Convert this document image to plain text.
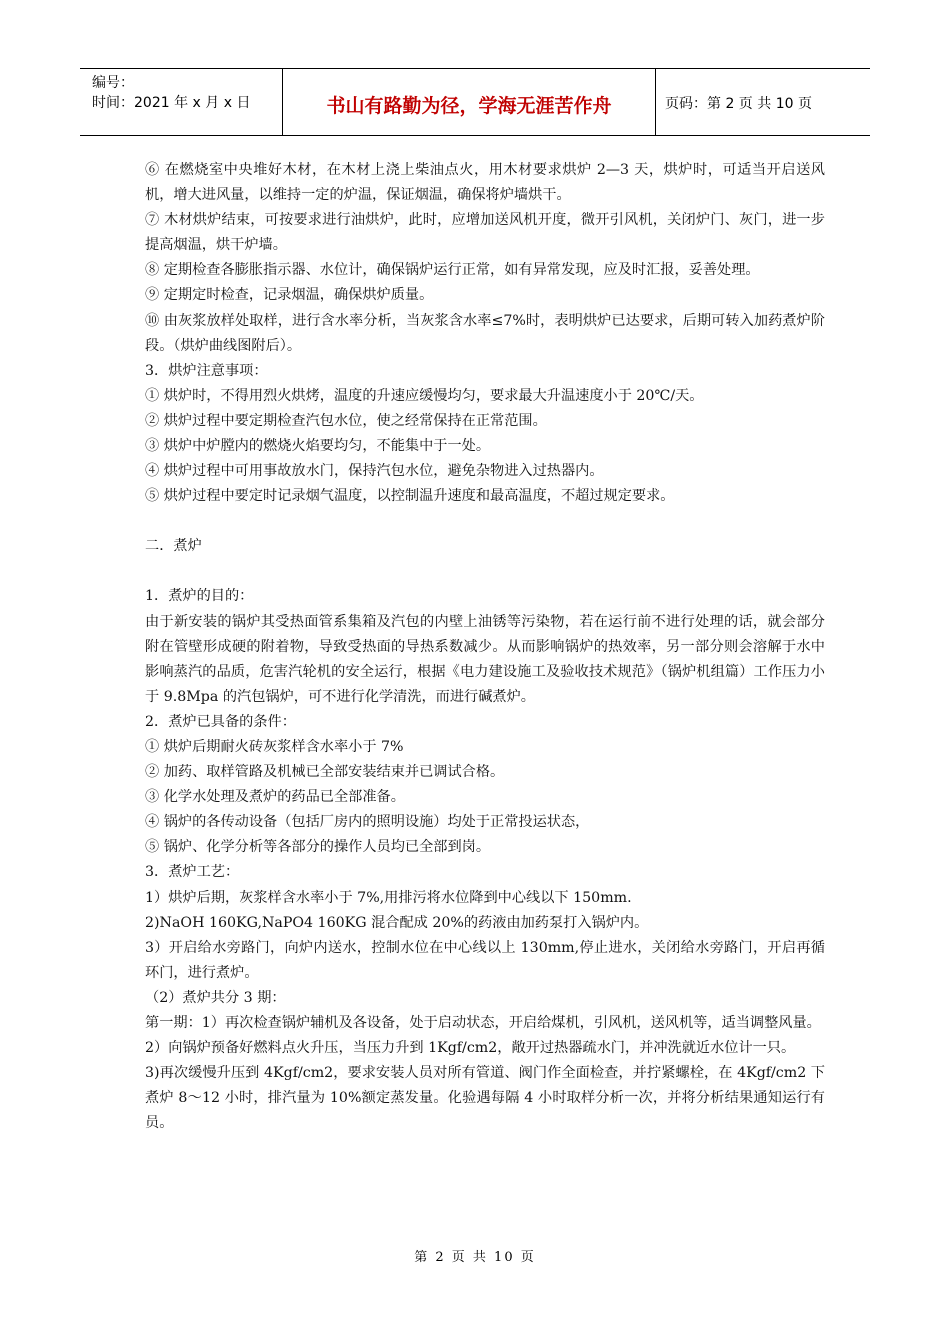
编号：
时间：2021 年 x 月 x 日	书山有路勤为径，学海无涯苦作舟	页码：第 2 页 共 10 页

⑥ 在燃烧室中央堆好木材，在木材上浇上柴油点火，用木材要求烘炉 2—3 天，烘炉时，可适当开启送风机，增大进风量，以维持一定的炉温，保证烟温，确保将炉墙烘干。

⑦ 木材烘炉结束，可按要求进行油烘炉，此时，应增加送风机开度，微开引风机，关闭炉门、灰门，进一步提高烟温，烘干炉墙。

⑧ 定期检查各膨胀指示器、水位计，确保锅炉运行正常，如有异常发现，应及时汇报，妥善处理。

⑨ 定期定时检查，记录烟温，确保烘炉质量。

⑩ 由灰浆放样处取样，进行含水率分析，当灰浆含水率≤7%时，表明烘炉已达要求，后期可转入加药煮炉阶段。（烘炉曲线图附后）。

3．烘炉注意事项：

① 烘炉时，不得用烈火烘烤，温度的升速应缓慢均匀，要求最大升温速度小于 20℃/天。

② 烘炉过程中要定期检查汽包水位，使之经常保持在正常范围。

③ 烘炉中炉膛内的燃烧火焰要均匀，不能集中于一处。

④ 烘炉过程中可用事故放水门，保持汽包水位，避免杂物进入过热器内。

⑤ 烘炉过程中要定时记录烟气温度，以控制温升速度和最高温度，不超过规定要求。

二．煮炉

1．煮炉的目的：

由于新安装的锅炉其受热面管系集箱及汽包的内壁上油锈等污染物，若在运行前不进行处理的话，就会部分附在管壁形成硬的附着物，导致受热面的导热系数减少。从而影响锅炉的热效率，另一部分则会溶解于水中影响蒸汽的品质，危害汽轮机的安全运行，根据《电力建设施工及验收技术规范》（锅炉机组篇）工作压力小于 9.8Mpa 的汽包锅炉，可不进行化学清洗，而进行碱煮炉。

2．煮炉已具备的条件：

① 烘炉后期耐火砖灰浆样含水率小于 7%

② 加药、取样管路及机械已全部安装结束并已调试合格。

③ 化学水处理及煮炉的药品已全部准备。

④ 锅炉的各传动设备（包括厂房内的照明设施）均处于正常投运状态，

⑤ 锅炉、化学分析等各部分的操作人员均已全部到岗。

3．煮炉工艺：

1）烘炉后期，灰浆样含水率小于 7%,用排污将水位降到中心线以下 150mm.

2)NaOH 160KG,NaPO4 160KG 混合配成 20%的药液由加药泵打入锅炉内。

3）开启给水旁路门，向炉内送水，控制水位在中心线以上 130mm,停止进水，关闭给水旁路门，开启再循环门，进行煮炉。

（2）煮炉共分 3 期：

第一期：1）再次检查锅炉辅机及各设备，处于启动状态，开启给煤机，引风机，送风机等，适当调整风量。

2）向锅炉预备好燃料点火升压，当压力升到 1Kgf/cm2，敞开过热器疏水门，并冲洗就近水位计一只。

3)再次缓慢升压到 4Kgf/cm2，要求安装人员对所有管道、阀门作全面检查，并拧紧螺栓，在 4Kgf/cm2 下煮炉 8～12 小时，排汽量为 10%额定蒸发量。化验遇每隔 4 小时取样分析一次，并将分析结果通知运行有员。

第 2 页 共 10 页
